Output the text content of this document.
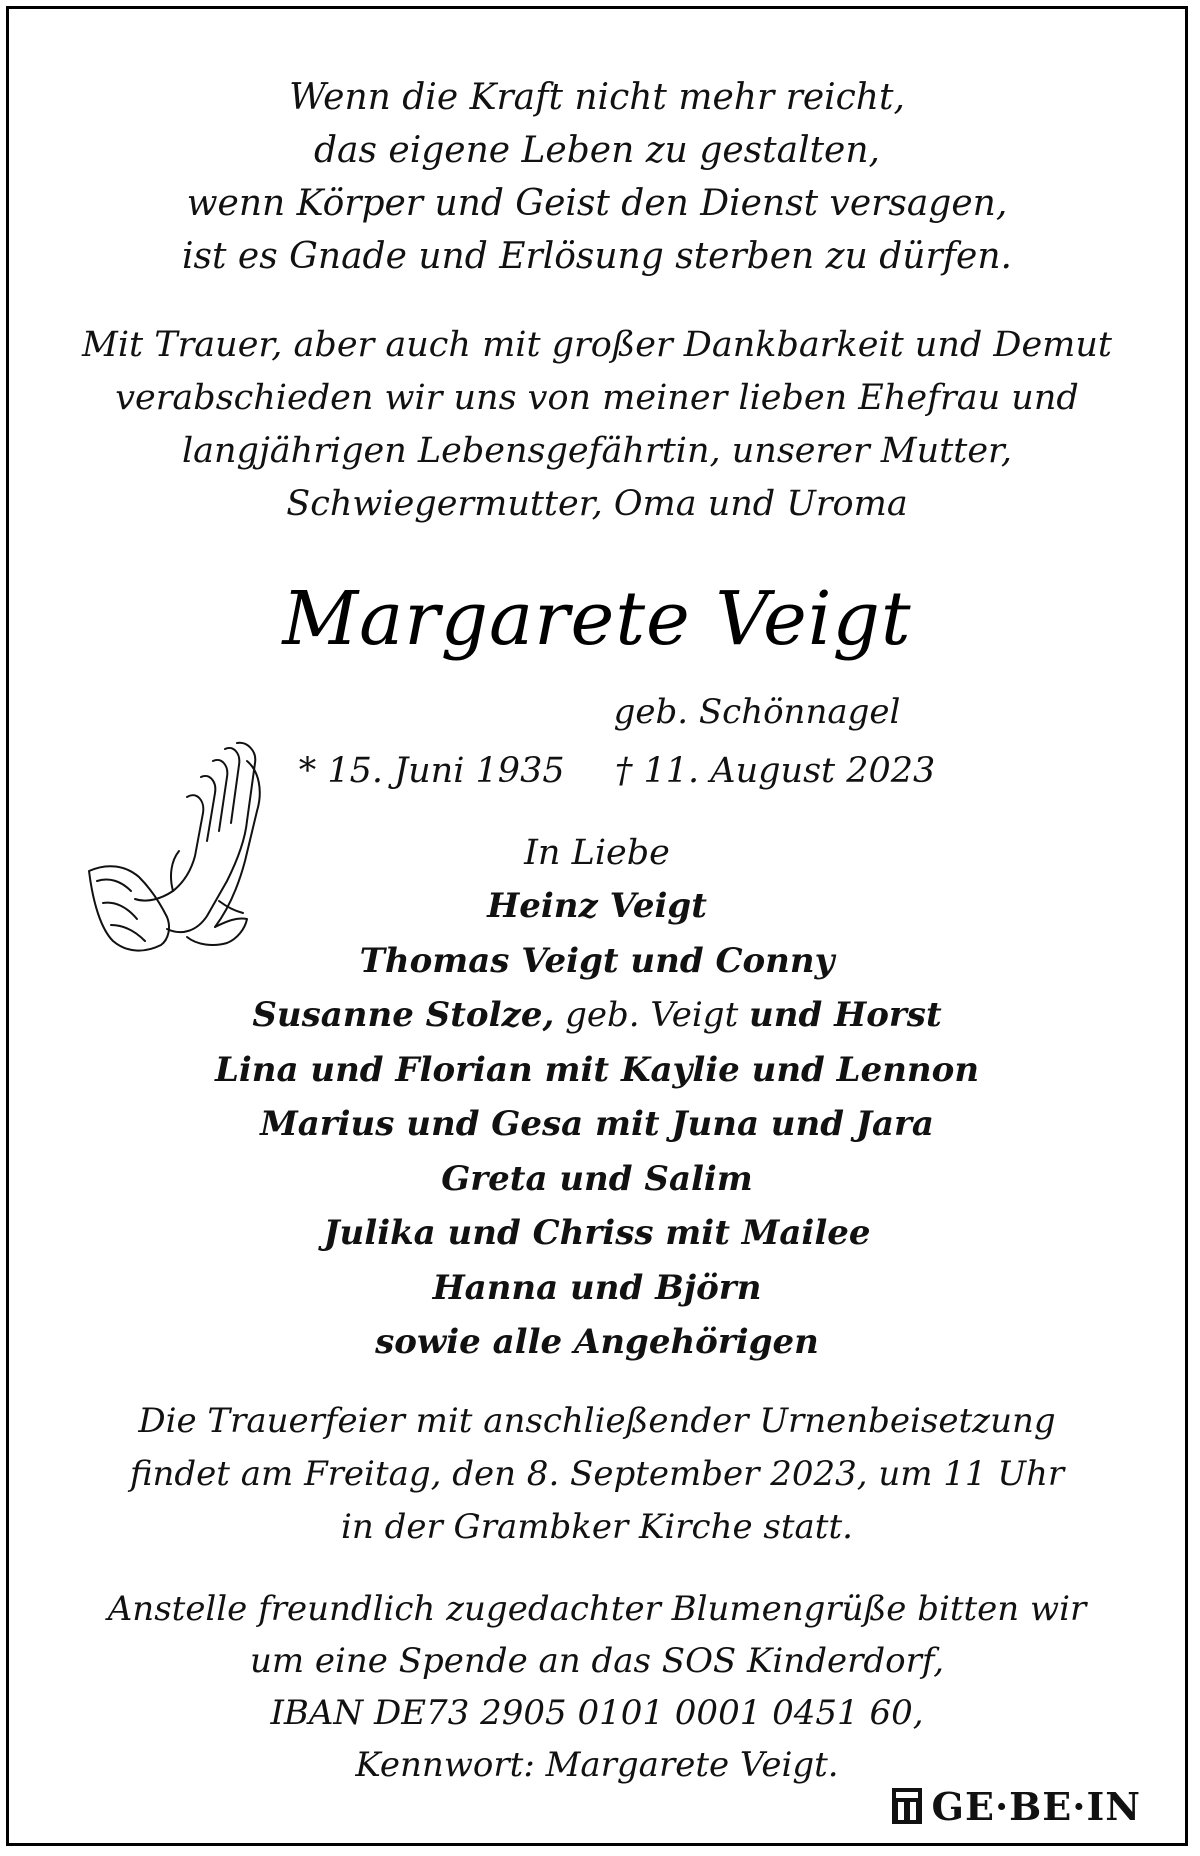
Wenn die Kraft nicht mehr reicht,
das eigene Leben zu gestalten,
wenn Körper und Geist den Dienst versagen,
ist es Gnade und Erlösung sterben zu dürfen.
Mit Trauer, aber auch mit großer Dankbarkeit und Demut
verabschieden wir uns von meiner lieben Ehefrau und
langjährigen Lebensgefährtin, unserer Mutter,
Schwiegermutter, Oma und Uroma
Margarete Veigt
geb. Schönnagel
* 15. Juni 1935 † 11. August 2023
In Liebe
Heinz Veigt
Thomas Veigt und Conny
Susanne Stolze, geb. Veigt und Horst
Lina und Florian mit Kaylie und Lennon
Marius und Gesa mit Juna und Jara
Greta und Salim
Julika und Chriss mit Mailee
Hanna und Björn
sowie alle Angehörigen
Die Trauerfeier mit anschließender Urnenbeisetzung
findet am Freitag, den 8. September 2023, um 11 Uhr
in der Grambker Kirche statt.
Anstelle freundlich zugedachter Blumengrüße bitten wir
um eine Spende an das SOS Kinderdorf,
IBAN DE73 2905 0101 0001 0451 60,
Kennwort: Margarete Veigt.
GE·BE·IN
